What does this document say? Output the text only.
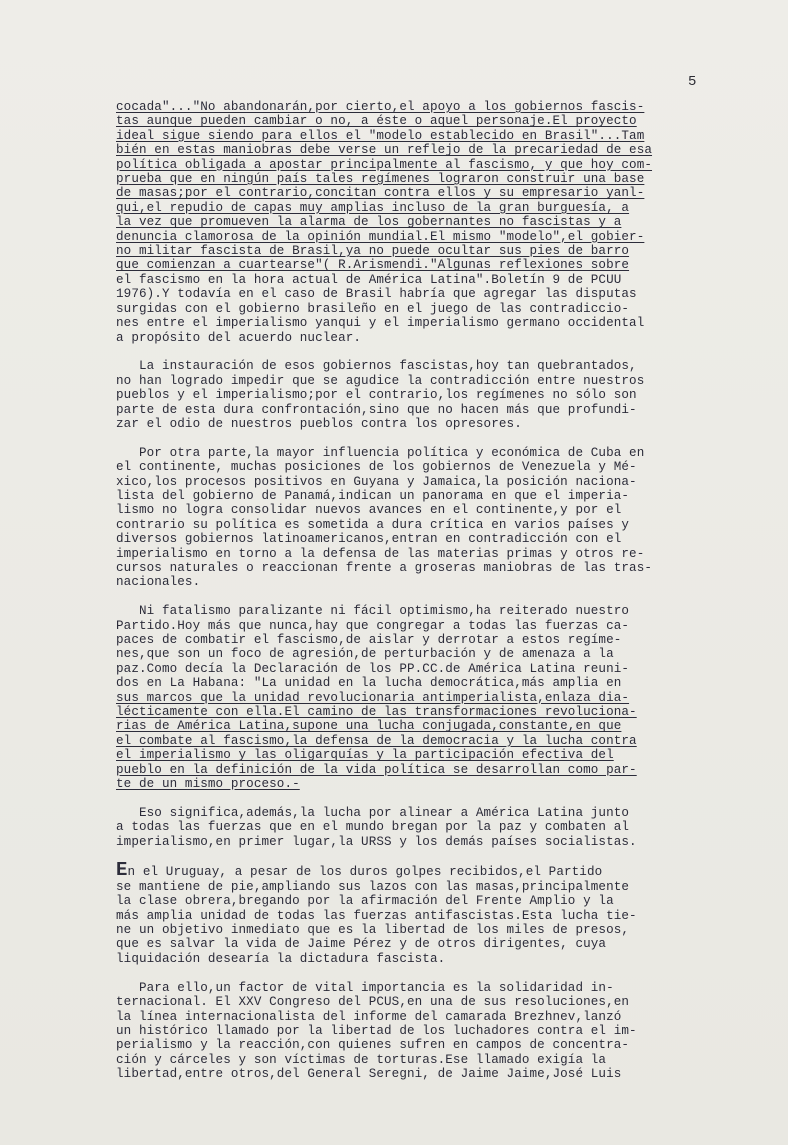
5

cocada"..."No abandonarán,por cierto,el apoyo a los gobiernos fascis-
tas aunque pueden cambiar o no, a éste o aquel personaje.El proyecto
ideal sigue siendo para ellos el "modelo establecido en Brasil"...Tam
bién en estas maniobras debe verse un reflejo de la precariedad de esa
política obligada a apostar principalmente al fascismo, y que hoy com-
prueba que en ningún país tales regímenes lograron construir una base
de masas;por el contrario,concitan contra ellos y su empresario yanl-
qui,el repudio de capas muy amplias incluso de la gran burguesía, a
la vez que promueven la alarma de los gobernantes no fascistas y a
denuncia clamorosa de la opinión mundial.El mismo "modelo",el gobier-
no militar fascista de Brasil,ya no puede ocultar sus pies de barro
que comienzan a cuartearse"( R.Arismendi."Algunas reflexiones sobre
el fascismo en la hora actual de América Latina".Boletín 9 de PCUU
1976).Y todavía en el caso de Brasil habría que agregar las disputas
surgidas con el gobierno brasileño en el juego de las contradiccio-
nes entre el imperialismo yanqui y el imperialismo germano occidental
a propósito del acuerdo nuclear.

La instauración de esos gobiernos fascistas,hoy tan quebrantados,
no han logrado impedir que se agudice la contradicción entre nuestros
pueblos y el imperialismo;por el contrario,los regímenes no sólo son
parte de esta dura confrontación,sino que no hacen más que profundi-
zar el odio de nuestros pueblos contra los opresores.

Por otra parte,la mayor influencia política y económica de Cuba en
el continente, muchas posiciones de los gobiernos de Venezuela y Mé-
xico,los procesos positivos en Guyana y Jamaica,la posición naciona-
lista del gobierno de Panamá,indican un panorama en que el imperia-
lismo no logra consolidar nuevos avances en el continente,y por el
contrario su política es sometida a dura crítica en varios países y
diversos gobiernos latinoamericanos,entran en contradicción con el
imperialismo en torno a la defensa de las materias primas y otros re-
cursos naturales o reaccionan frente a groseras maniobras de las tras-
nacionales.

Ni fatalismo paralizante ni fácil optimismo,ha reiterado nuestro
Partido.Hoy más que nunca,hay que congregar a todas las fuerzas ca-
paces de combatir el fascismo,de aislar y derrotar a estos regíme-
nes,que son un foco de agresión,de perturbación y de amenaza a la
paz.Como decía la Declaración de los PP.CC.de América Latina reuni-
dos en La Habana: "La unidad en la lucha democrática,más amplia en
sus marcos que la unidad revolucionaria antimperialista,enlaza dia-
lécticamente con ella.El camino de las transformaciones revoluciona-
rias de América Latina,supone una lucha conjugada,constante,en que
el combate al fascismo,la defensa de la democracia y la lucha contra
el imperialismo y las oligarquías y la participación efectiva del
pueblo en la definición de la vida política se desarrollan como par-
te de un mismo proceso.-

Eso significa,además,la lucha por alinear a América Latina junto
a todas las fuerzas que en el mundo bregan por la paz y combaten al
imperialismo,en primer lugar,la URSS y los demás países socialistas.

En el Uruguay, a pesar de los duros golpes recibidos,el Partido
se mantiene de pie,ampliando sus lazos con las masas,principalmente
la clase obrera,bregando por la afirmación del Frente Amplio y la
más amplia unidad de todas las fuerzas antifascistas.Esta lucha tie-
ne un objetivo inmediato que es la libertad de los miles de presos,
que es salvar la vida de Jaime Pérez y de otros dirigentes, cuya
liquidación desearía la dictadura fascista.

Para ello,un factor de vital importancia es la solidaridad in-
ternacional. El XXV Congreso del PCUS,en una de sus resoluciones,en
la línea internacionalista del informe del camarada Brezhnev,lanzó
un histórico llamado por la libertad de los luchadores contra el im-
perialismo y la reacción,con quienes sufren en campos de concentra-
ción y cárceles y son víctimas de torturas.Ese llamado exigía la
libertad,entre otros,del General Seregni, de Jaime Jaime,José Luis
